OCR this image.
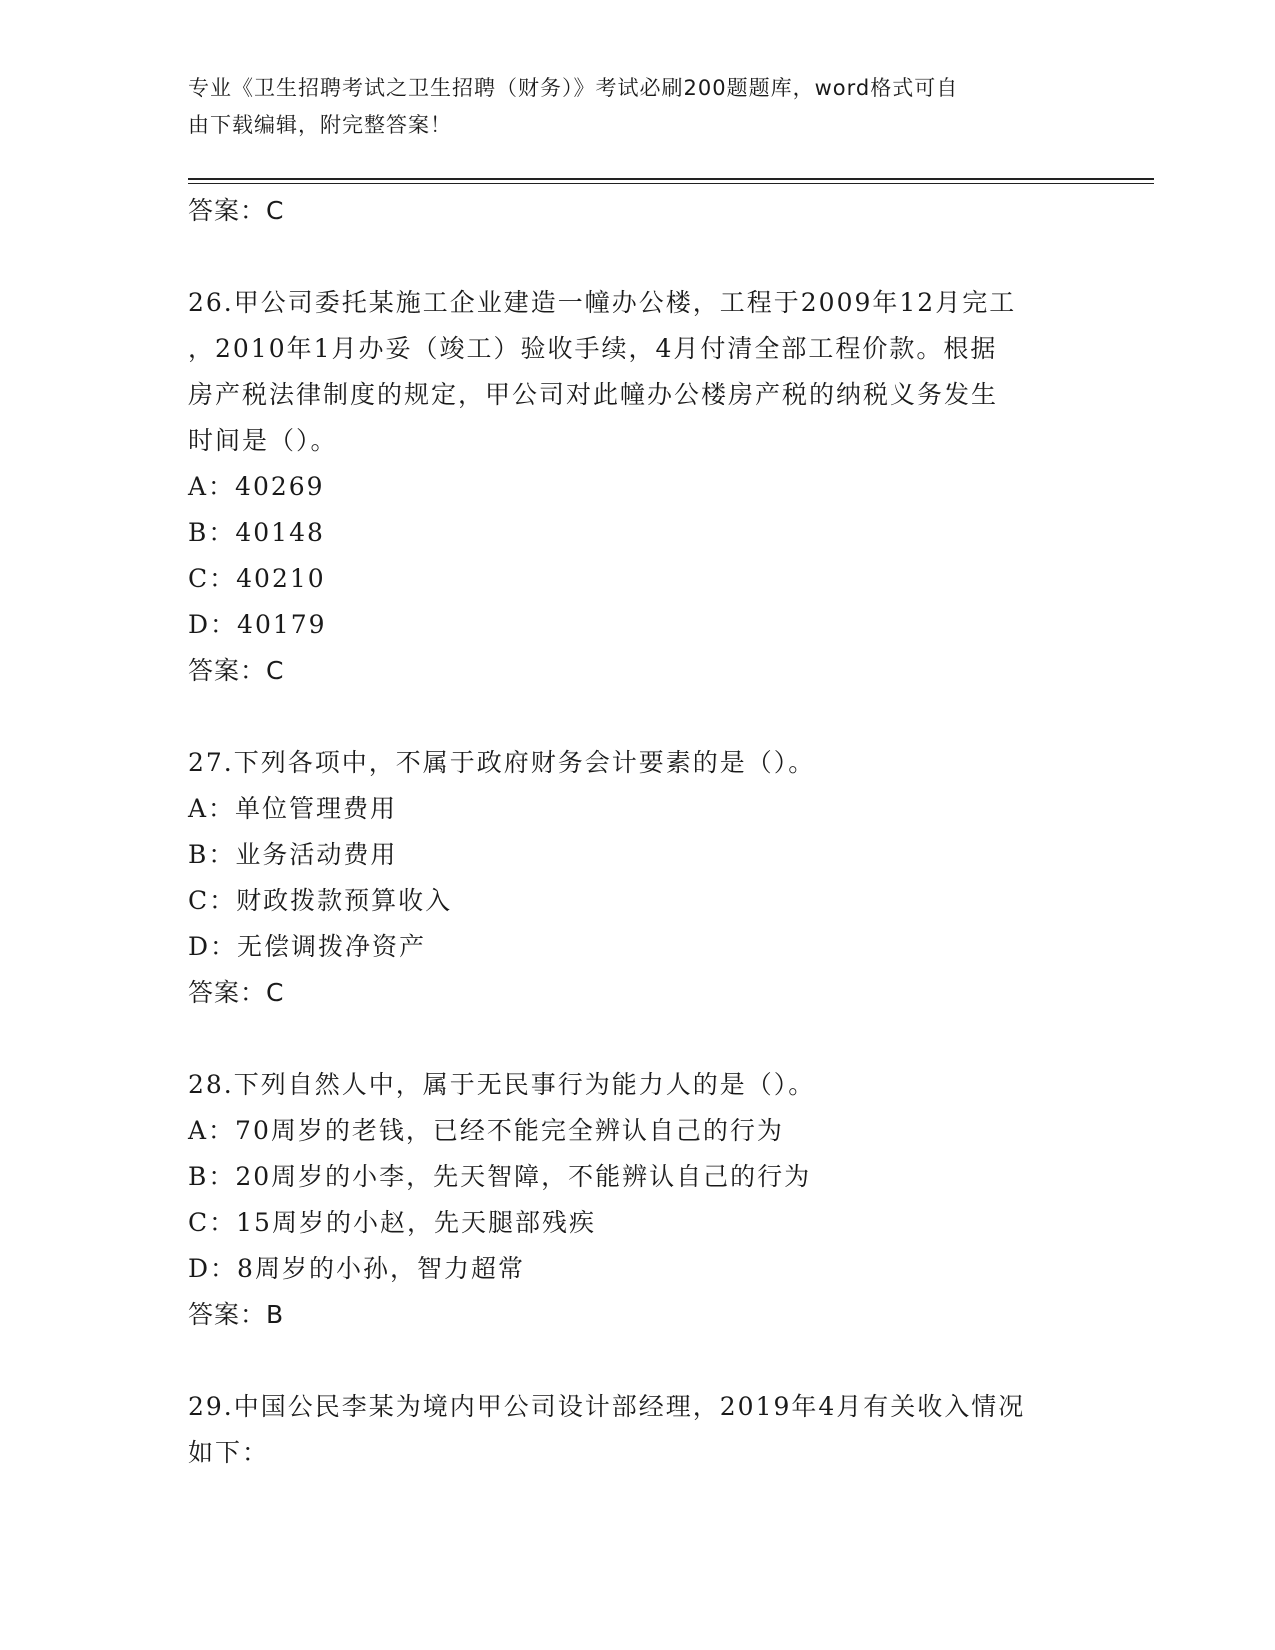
专业《卫生招聘考试之卫生招聘（财务）》考试必刷200题题库，word格式可自
由下载编辑，附完整答案！
答案：C
26.甲公司委托某施工企业建造一幢办公楼，工程于2009年12月完工
，2010年1月办妥（竣工）验收手续，4月付清全部工程价款。根据
房产税法律制度的规定，甲公司对此幢办公楼房产税的纳税义务发生
时间是（）。
A：40269
B：40148
C：40210
D：40179
答案：C
27.下列各项中，不属于政府财务会计要素的是（）。
A：单位管理费用
B：业务活动费用
C：财政拨款预算收入
D：无偿调拨净资产
答案：C
28.下列自然人中，属于无民事行为能力人的是（）。
A：70周岁的老钱，已经不能完全辨认自己的行为
B：20周岁的小李，先天智障，不能辨认自己的行为
C：15周岁的小赵，先天腿部残疾
D：8周岁的小孙，智力超常
答案：B
29.中国公民李某为境内甲公司设计部经理，2019年4月有关收入情况
如下：
